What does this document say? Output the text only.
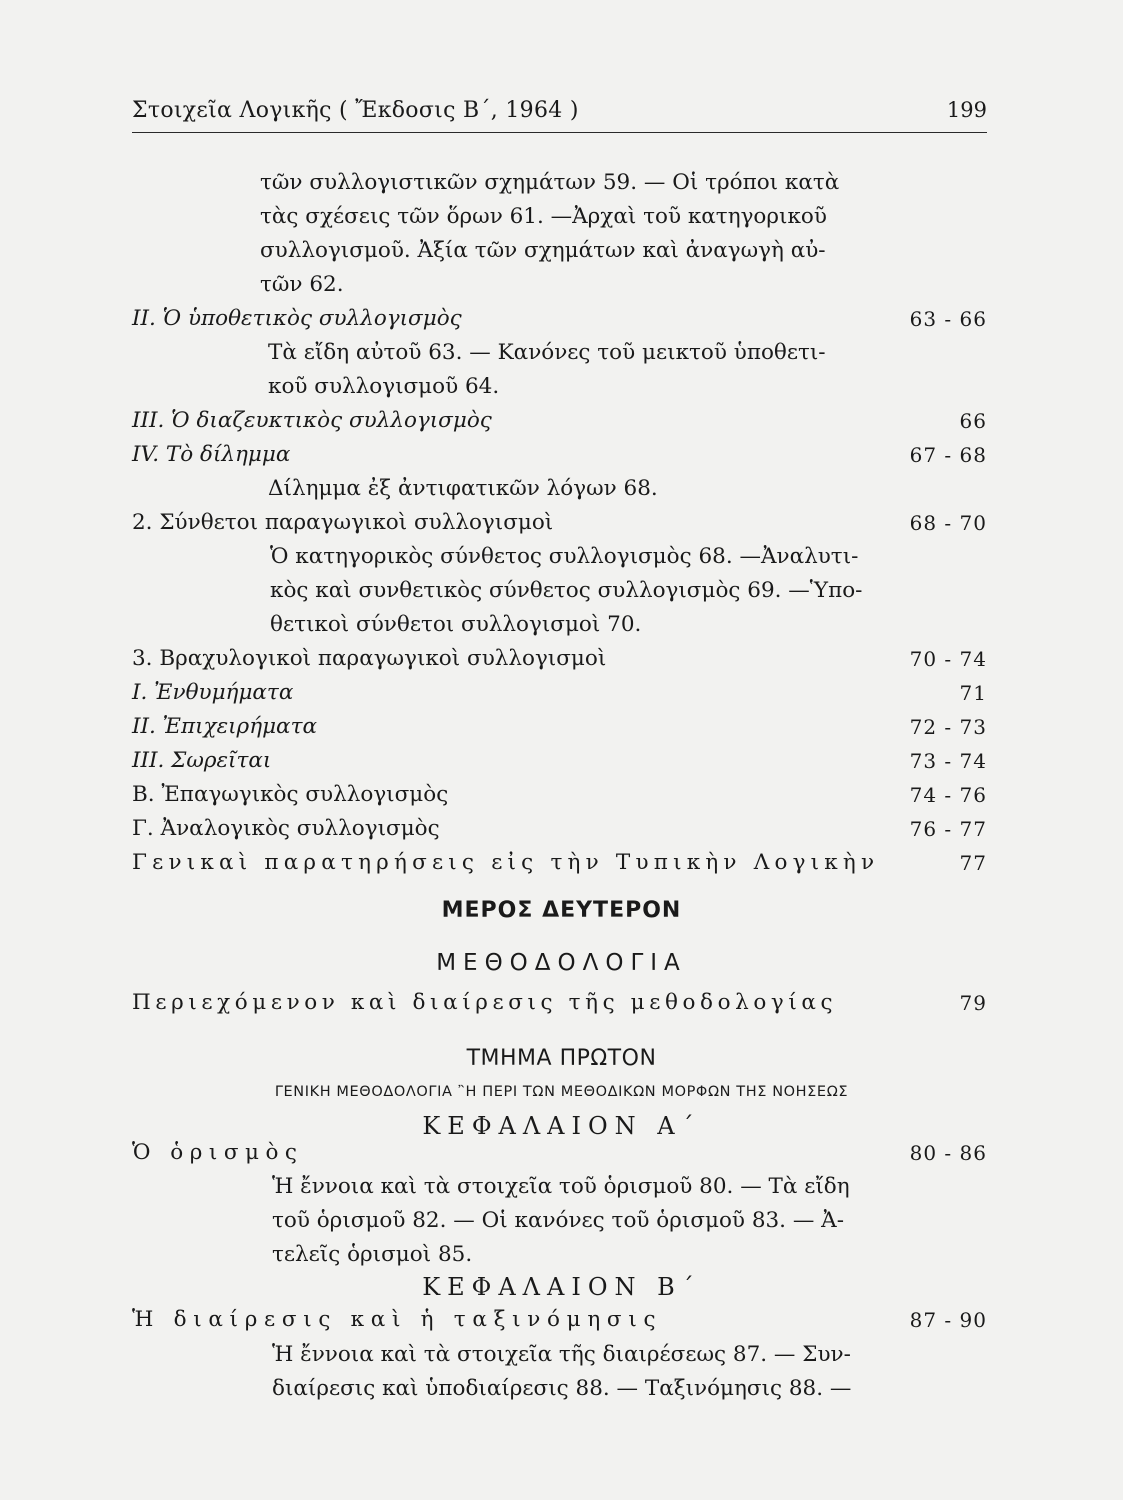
Στοιχεῖα Λογικῆς ( Ἔκδοσις Β΄, 1964 )	199
τῶν συλλογιστικῶν σχημάτων 59. — Οἱ τρόποι κατὰ
τὰς σχέσεις τῶν ὅρων 61. —Ἀρχαὶ τοῦ κατηγορικοῦ
συλλογισμοῦ. Ἀξία τῶν σχημάτων καὶ ἀναγωγὴ αὐ-
τῶν 62.
ΙΙ. Ὁ ὑποθετικὸς συλλογισμὸς	63 - 66
Τὰ εἴδη αὐτοῦ 63. — Κανόνες τοῦ μεικτοῦ ὑποθετι-
κοῦ συλλογισμοῦ 64.
ΙΙΙ. Ὁ διαζευκτικὸς συλλογισμὸς	66
ΙV. Τὸ δίλημμα	67 - 68
Δίλημμα ἐξ ἀντιφατικῶν λόγων 68.
2. Σύνθετοι παραγωγικοὶ συλλογισμοὶ	68 - 70
Ὁ κατηγορικὸς σύνθετος συλλογισμὸς 68. —Ἀναλυτι-
κὸς καὶ συνθετικὸς σύνθετος συλλογισμὸς 69. —Ὑπο-
θετικοὶ σύνθετοι συλλογισμοὶ 70.
3. Βραχυλογικοὶ παραγωγικοὶ συλλογισμοὶ	70 - 74
Ι. Ἐνθυμήματα	71
ΙΙ. Ἐπιχειρήματα	72 - 73
ΙΙΙ. Σωρεῖται	73 - 74
Β. Ἐπαγωγικὸς συλλογισμὸς	74 - 76
Γ. Ἀναλογικὸς συλλογισμὸς	76 - 77
Γενικαὶ παρατηρήσεις εἰς τὴν Τυπικὴν Λογικὴν	77
ΜΕΡΟΣ ΔΕΥΤΕΡΟΝ
ΜΕΘΟΔΟΛΟΓΙΑ
Περιεχόμενον καὶ διαίρεσις τῆς μεθοδολογίας	79
ΤΜΗΜΑ ΠΡΩΤΟΝ
ΓΕΝΙΚΗ ΜΕΘΟΔΟΛΟΓΙΑ ῍Η ΠΕΡΙ ΤΩΝ ΜΕΘΟΔΙΚΩΝ ΜΟΡΦΩΝ ΤΗΣ ΝΟΗΣΕΩΣ
ΚΕΦΑΛΑΙΟΝ Α΄
Ὁ ὁρισμὸς	80 - 86
Ἡ ἔννοια καὶ τὰ στοιχεῖα τοῦ ὁρισμοῦ 80. — Τὰ εἴδη
τοῦ ὁρισμοῦ 82. — Οἱ κανόνες τοῦ ὁρισμοῦ 83. — Ἀ-
τελεῖς ὁρισμοὶ 85.
ΚΕΦΑΛΑΙΟΝ Β΄
Ἡ διαίρεσις καὶ ἡ ταξινόμησις	87 - 90
Ἡ ἔννοια καὶ τὰ στοιχεῖα τῆς διαιρέσεως 87. — Συν-
διαίρεσις καὶ ὑποδιαίρεσις 88. — Ταξινόμησις 88. —
